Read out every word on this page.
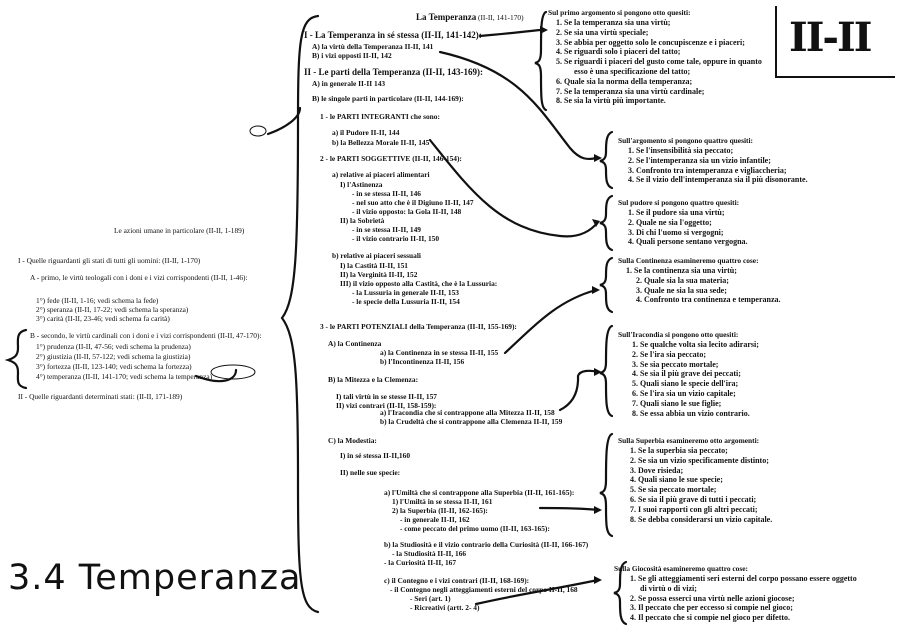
II-II
Le azioni umane in particolare (II-II, 1-189)
I - Quelle riguardanti gli stati di tutti gli uomini: (II-II, 1-170)
A - primo, le virtù teologali con i doni e i vizi corrispondenti (II-II, 1-46):
1°) fede (II-II, 1-16; vedi schema la fede)
2°) speranza (II-II, 17-22; vedi schema la speranza)
3°) carità (II-II, 23-46; vedi schema fa carità)
B - secondo, le virtù cardinali con i doni e i vizi corrispondenti (II-II, 47-170):
1°) prudenza (II-II, 47-56; vedi schema la prudenza)
2°) giustizia (II-II, 57-122; vedi schema la giustizia)
3°) fortezza (II-II, 123-140; vedi schema la fortezza)
4°) temperanza (II-II, 141-170; vedi schema la temperanza)
II - Quelle riguardanti determinati stati: (II-II, 171-189)
3.4 Temperanza
La Temperanza (II-II, 141-170)
I - La Temperanza in sé stessa (II-II, 141-142):
A) la virtù della Temperanza II-II, 141
B) i vizi opposti II-II, 142
II - Le parti della Temperanza (II-II, 143-169):
A) in generale II-II 143
B) le singole parti in particolare (II-II, 144-169):
1 - le PARTI INTEGRANTI che sono:
a) il Pudore II-II, 144
b) la Bellezza Morale II-II, 145
2 - le PARTI SOGGETTIVE (II-II, 146-154):
a) relative ai piaceri alimentari
I) l'Astinenza
- in se stessa II-II, 146
- nel suo atto che è il Digiuno II-II, 147
- il vizio opposto: la Gola II-II, 148
II) la Sobrietà
- in se stessa II-II, 149
- il vizio contrario II-II, 150
b) relative ai piaceri sessuali
I) la Castità II-II, 151
II) la Verginità II-II, 152
III) il vizio opposto alla Castità, che è la Lussuria:
- la Lussuria in generale II-II, 153
- le specie della Lussuria II-II, 154
3 - le PARTI POTENZIALI della Temperanza (II-II, 155-169):
A) la Continenza
a) la Continenza in se stessa II-II, 155
b) l'Incontinenza II-II, 156
B) la Mitezza e la Clemenza:
I) tali virtù in se stesse II-II, 157
II) vizi contrari (II-II, 158-159):
a) l'Iracondia che si contrappone alla Mitezza II-II, 158
b) la Crudeltà che si contrappone alla Clemenza II-II, 159
C) la Modestia:
I) in sé stessa II-II,160
II) nelle sue specie:
a) l'Umiltà che si contrappone alla Superbia (II-II, 161-165):
1) l'Umiltà in se stessa II-II, 161
2) la Superbia (II-II, 162-165):
- in generale II-II, 162
- come peccato del primo uomo (II-II, 163-165):
b) la Studiosità e il vizio contrario della Curiosità (II-II, 166-167)
- la Studiosità II-II, 166
- la Curiosità II-II, 167
c) il Contegno e i vizi contrari (II-II, 168-169):
- il Contegno negli atteggiamenti esterni del corpo II-II, 168
- Seri (art. 1)
- Ricreativi (artt. 2- 4)
Sul primo argomento si pongono otto quesiti:
1. Se la temperanza sia una virtù;
2. Se sia una virtù speciale;
3. Se abbia per oggetto solo le concupiscenze e i piaceri;
4. Se riguardi solo i piaceri del tatto;
5. Se riguardi i piaceri del gusto come tale, oppure in quanto
esso è una specificazione del tatto;
6. Quale sia la norma della temperanza;
7. Se la temperanza sia una virtù cardinale;
8. Se sia la virtù più importante.
Sull'argomento si pongono quattro quesiti:
1. Se l'insensibilità sia peccato;
2. Se l'intemperanza sia un vizio infantile;
3. Confronto tra intemperanza e vigliaccheria;
4. Se il vizio dell'intemperanza sia il più disonorante.
Sul pudore si pongono quattro quesiti:
1. Se il pudore sia una virtù;
2. Quale ne sia l'oggetto;
3. Di chi l'uomo si vergogni;
4. Quali persone sentano vergogna.
Sulla Continenza esamineremo quattro cose:
1. Se la continenza sia una virtù;
2. Quale sia la sua materia;
3. Quale ne sia la sua sede;
4. Confronto tra continenza e temperanza.
Sull'Iracondia si pongono otto quesiti:
1. Se qualche volta sia lecito adirarsi;
2. Se l'ira sia peccato;
3. Se sia peccato mortale;
4. Se sia il più grave dei peccati;
5. Quali siano le specie dell'ira;
6. Se l'ira sia un vizio capitale;
7. Quali siano le sue figlie;
8. Se essa abbia un vizio contrario.
Sulla Superbia esamineremo otto argomenti:
1. Se la superbia sia peccato;
2. Se sia un vizio specificamente distinto;
3. Dove risieda;
4. Quali siano le sue specie;
5. Se sia peccato mortale;
6. Se sia il più grave di tutti i peccati;
7. I suoi rapporti con gli altri peccati;
8. Se debba considerarsi un vizio capitale.
Sulla Giocosità esamineremo quattro cose:
1. Se gli atteggiamenti seri esterni del corpo possano essere oggetto
di virtù o di vizi;
2. Se possa esserci una virtù nelle azioni giocose;
3. Il peccato che per eccesso si compie nel gioco;
4. Il peccato che si compie nel gioco per difetto.
